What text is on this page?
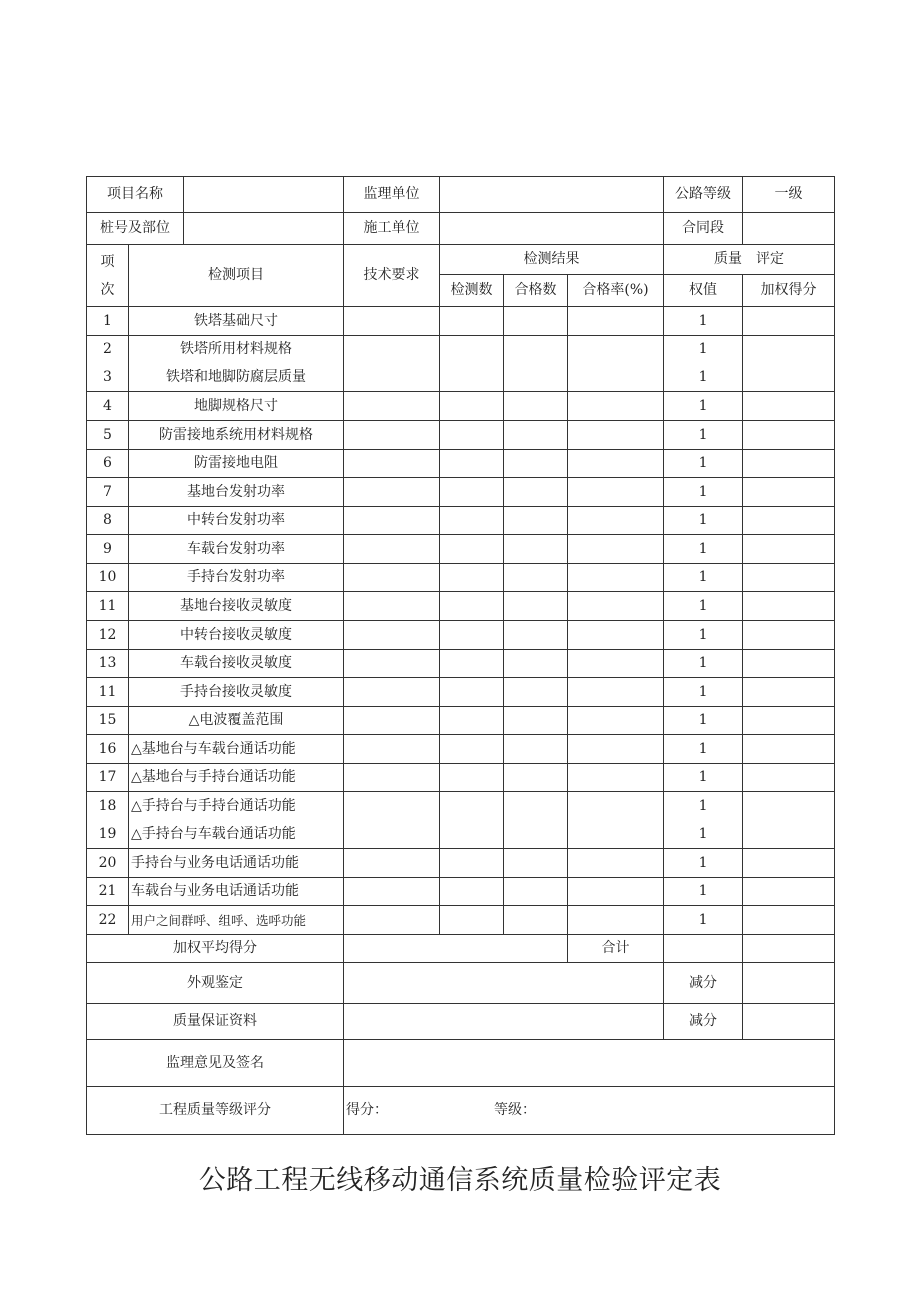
项目名称			监理单位				公路等级	一级
桩号及部位			施工单位				合同段	

项
次	检测项目		技术要求	检测结果			质量　评定	
				检测数	合格数	合格率(%)	权值	加权得分
1	铁塔基础尺寸						1	
2	铁塔所用材料规格						1	
3	铁塔和地脚防腐层质量						1	
4	地脚规格尺寸						1	
5	防雷接地系统用材料规格						1	
6	防雷接地电阻						1	
7	基地台发射功率						1	
8	中转台发射功率						1	
9	车载台发射功率						1	
10	手持台发射功率						1	
11	基地台接收灵敏度						1	
12	中转台接收灵敏度						1	
13	车载台接收灵敏度						1	
11	手持台接收灵敏度						1	
15	△电波覆盖范围						1	
16	△基地台与车载台通话功能						1	
17	△基地台与手持台通话功能						1	
18	△手持台与手持台通话功能						1	
19	△手持台与车载台通话功能						1	
20	手持台与业务电话通话功能						1	
21	车载台与业务电话通话功能						1	
22	用户之间群呼、组呼、选呼功能						1	
加权平均得分						合计		
外观鉴定							减分	
质量保证资料							减分	
监理意见及签名								
工程质量等级评分			得分： 等级：					
公路工程无线移动通信系统质量检验评定表
